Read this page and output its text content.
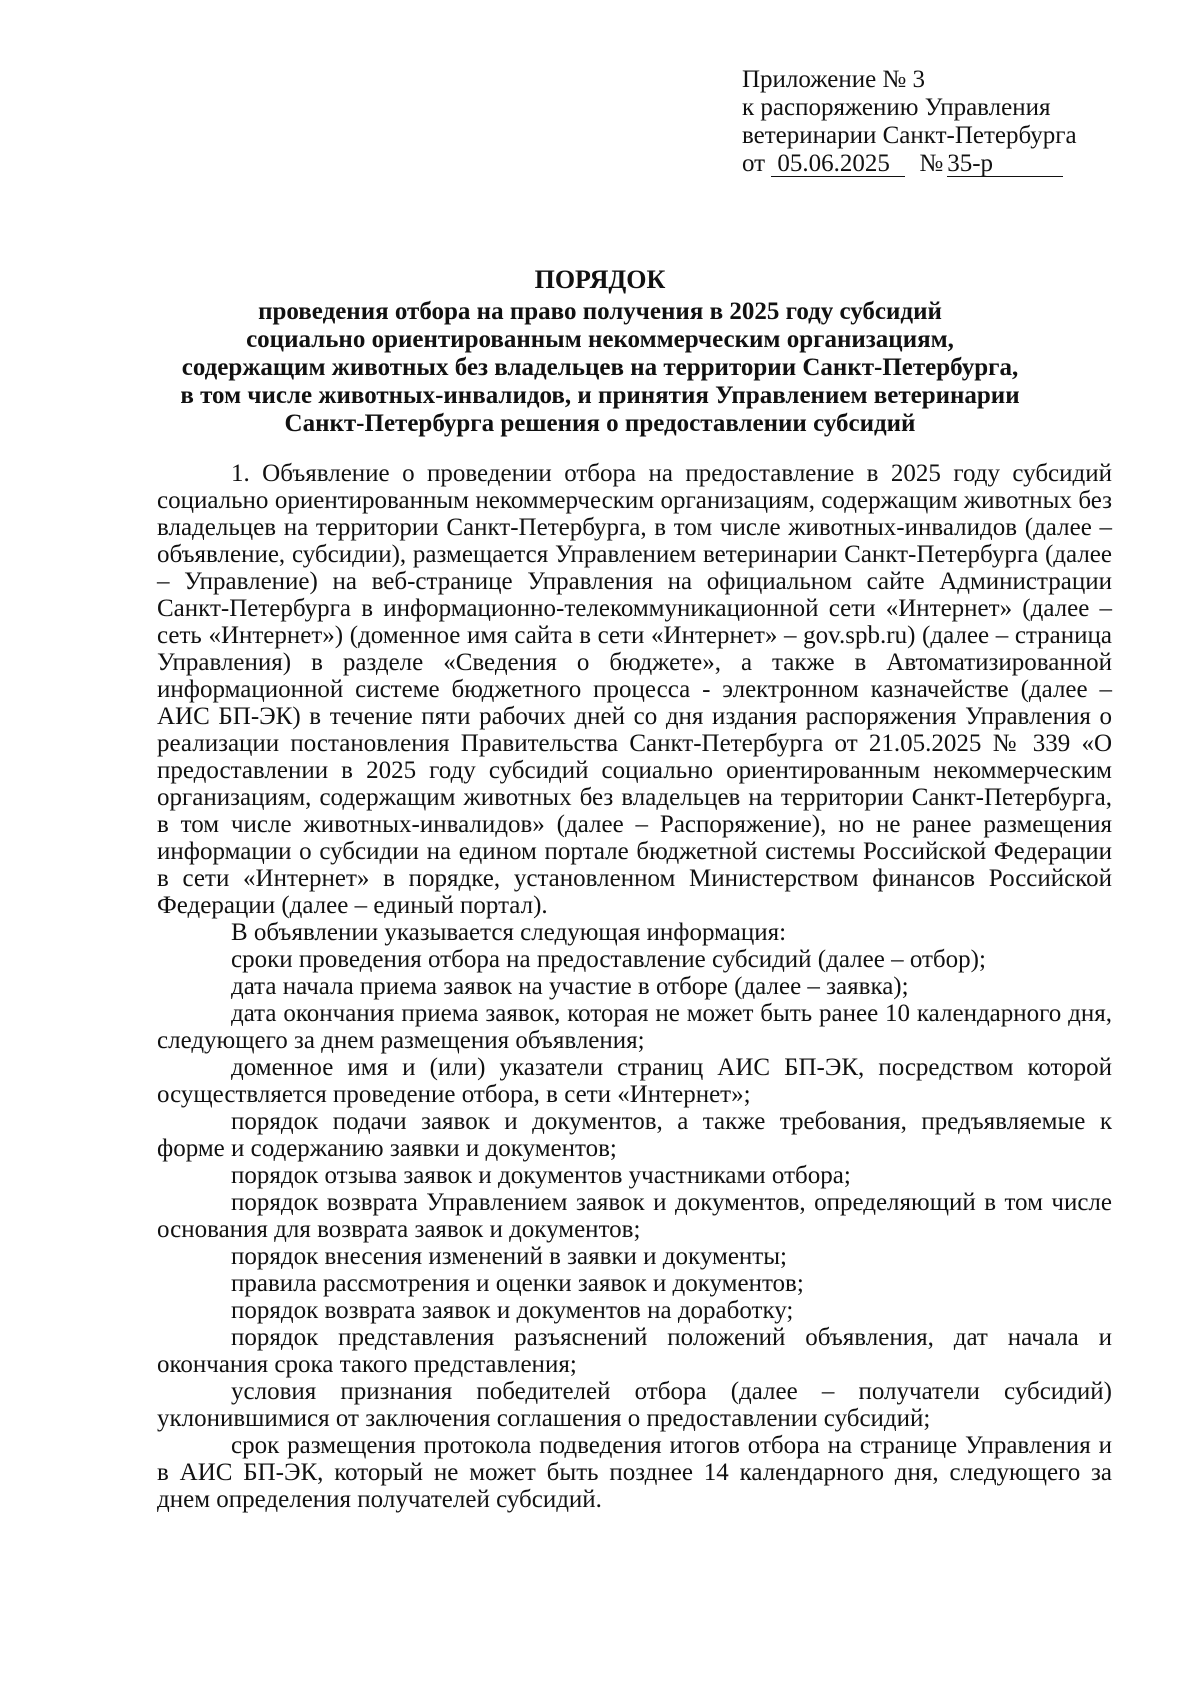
Приложение № 3
к распоряжению Управления
ветеринарии Санкт-Петербурга
от 05.06.2025 № 35-р
ПОРЯДОК
проведения отбора на право получения в 2025 году субсидий
социально ориентированным некоммерческим организациям,
содержащим животных без владельцев на территории Санкт-Петербурга,
в том числе животных-инвалидов, и принятия Управлением ветеринарии
Санкт-Петербурга решения о предоставлении субсидий

1. Объявление о проведении отбора на предоставление в 2025 году субсидий социально ориентированным некоммерческим организациям, содержащим животных без владельцев на территории Санкт-Петербурга, в том числе животных-инвалидов (далее – объявление, субсидии), размещается Управлением ветеринарии Санкт-Петербурга (далее – Управление) на веб-странице Управления на официальном сайте Администрации Санкт-Петербурга в информационно-телекоммуникационной сети «Интернет» (далее – сеть «Интернет») (доменное имя сайта в сети «Интернет» – gov.spb.ru) (далее – страница Управления) в разделе «Сведения о бюджете», а также в Автоматизированной информационной системе бюджетного процесса - электронном казначействе (далее – АИС БП-ЭК) в течение пяти рабочих дней со дня издания распоряжения Управления о реализации постановления Правительства Санкт-Петербурга от 21.05.2025 № 339 «О предоставлении в 2025 году субсидий социально ориентированным некоммерческим организациям, содержащим животных без владельцев на территории Санкт-Петербурга, в том числе животных-инвалидов» (далее – Распоряжение), но не ранее размещения информации о субсидии на едином портале бюджетной системы Российской Федерации в сети «Интернет» в порядке, установленном Министерством финансов Российской Федерации (далее – единый портал).

В объявлении указывается следующая информация:

сроки проведения отбора на предоставление субсидий (далее – отбор);

дата начала приема заявок на участие в отборе (далее – заявка);

дата окончания приема заявок, которая не может быть ранее 10 календарного дня, следующего за днем размещения объявления;

доменное имя и (или) указатели страниц АИС БП-ЭК, посредством которой осуществляется проведение отбора, в сети «Интернет»;

порядок подачи заявок и документов, а также требования, предъявляемые к форме и содержанию заявки и документов;

порядок отзыва заявок и документов участниками отбора;

порядок возврата Управлением заявок и документов, определяющий в том числе основания для возврата заявок и документов;

порядок внесения изменений в заявки и документы;

правила рассмотрения и оценки заявок и документов;

порядок возврата заявок и документов на доработку;

порядок представления разъяснений положений объявления, дат начала и окончания срока такого представления;

условия признания победителей отбора (далее – получатели субсидий) уклонившимися от заключения соглашения о предоставлении субсидий;

срок размещения протокола подведения итогов отбора на странице Управления и в АИС БП-ЭК, который не может быть позднее 14 календарного дня, следующего за днем определения получателей субсидий.
